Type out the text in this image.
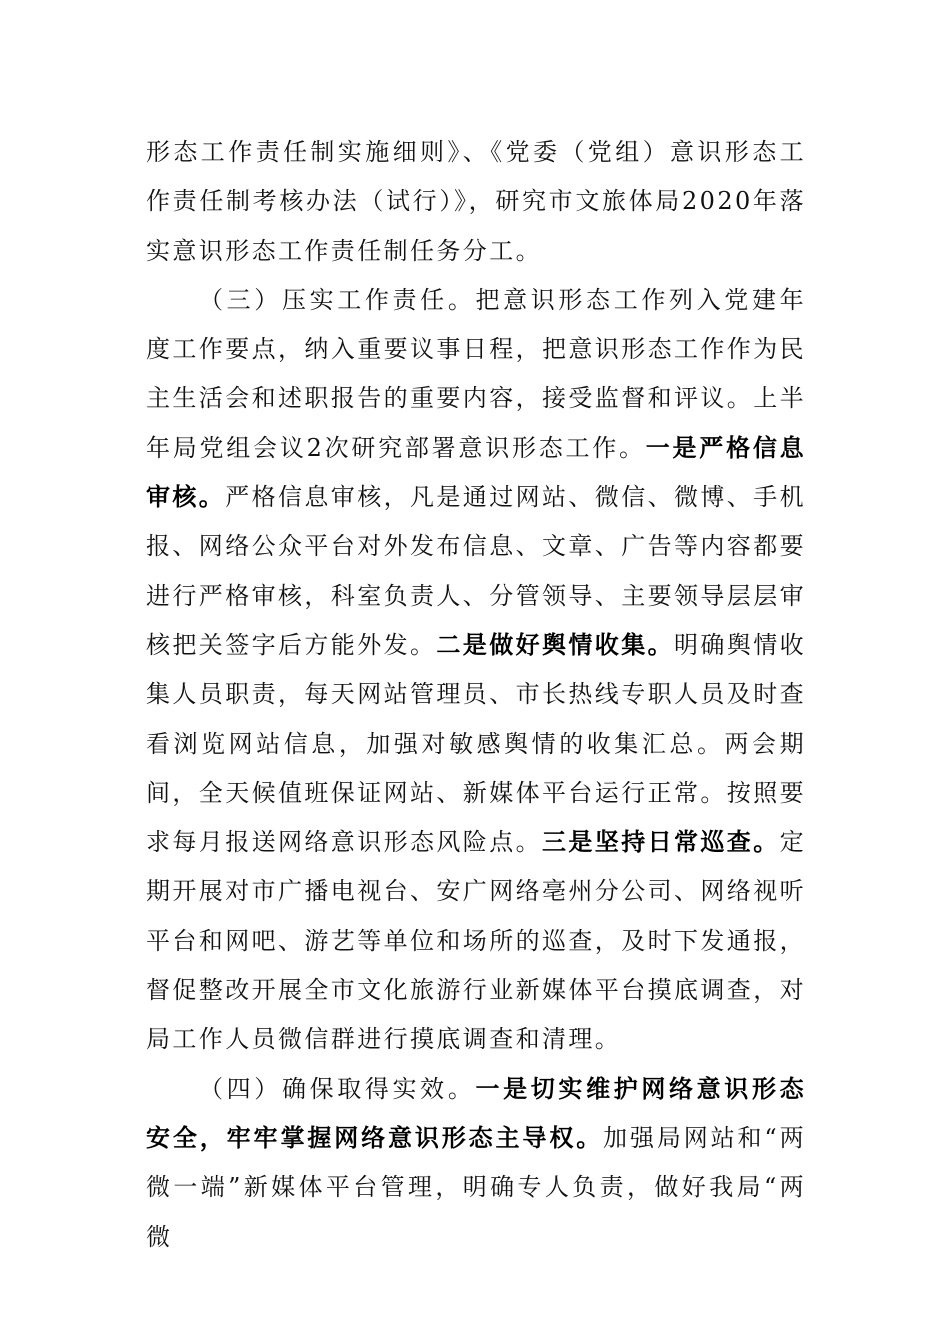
形态工作责任制实施细则》、《党委（党组）意识形态工作责任制考核办法（试行）》，研究市文旅体局2020年落实意识形态工作责任制任务分工。

（三）压实工作责任。把意识形态工作列入党建年度工作要点，纳入重要议事日程，把意识形态工作作为民主生活会和述职报告的重要内容，接受监督和评议。上半年局党组会议2次研究部署意识形态工作。一是严格信息审核。严格信息审核，凡是通过网站、微信、微博、手机报、网络公众平台对外发布信息、文章、广告等内容都要进行严格审核，科室负责人、分管领导、主要领导层层审核把关签字后方能外发。二是做好舆情收集。明确舆情收集人员职责，每天网站管理员、市长热线专职人员及时查看浏览网站信息，加强对敏感舆情的收集汇总。两会期间，全天候值班保证网站、新媒体平台运行正常。按照要求每月报送网络意识形态风险点。三是坚持日常巡查。定期开展对市广播电视台、安广网络亳州分公司、网络视听平台和网吧、游艺等单位和场所的巡查，及时下发通报，督促整改开展全市文化旅游行业新媒体平台摸底调查，对局工作人员微信群进行摸底调查和清理。

（四）确保取得实效。一是切实维护网络意识形态安全，牢牢掌握网络意识形态主导权。加强局网站和“两微一端”新媒体平台管理，明确专人负责，做好我局“两微
